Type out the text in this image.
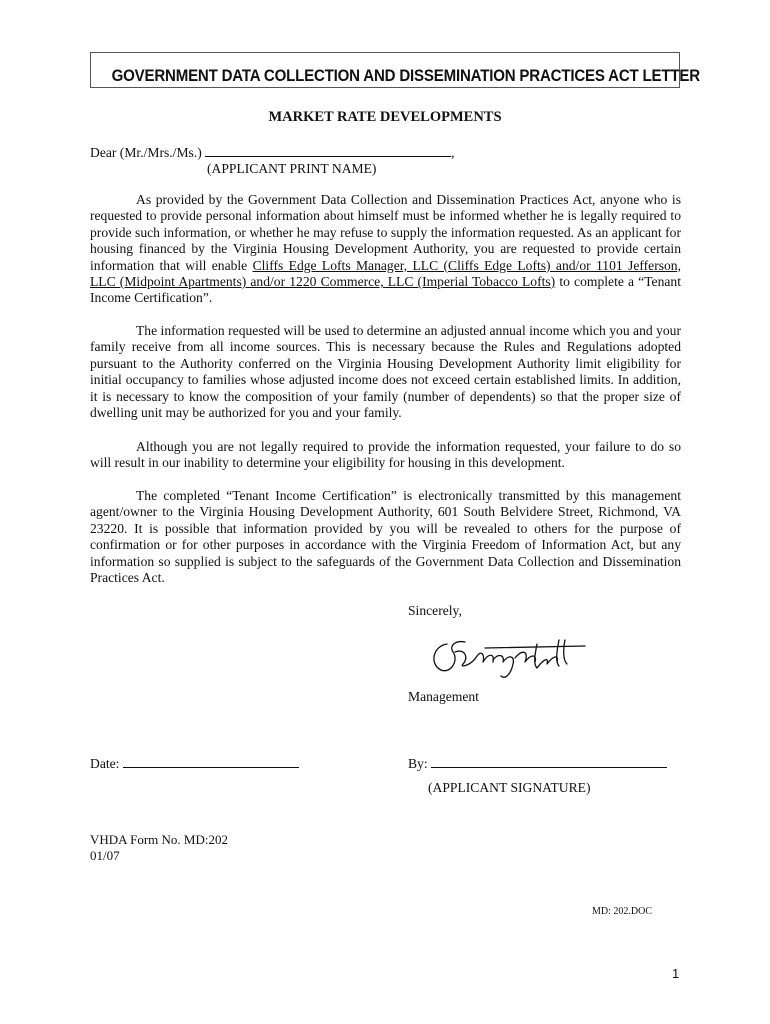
GOVERNMENT DATA COLLECTION AND DISSEMINATION PRACTICES ACT LETTER
MARKET RATE DEVELOPMENTS
Dear (Mr./Mrs./Ms.)	,
(APPLICANT PRINT NAME)
As provided by the Government Data Collection and Dissemination Practices Act, anyone who is requested to provide personal information about himself must be informed whether he is legally required to provide such information, or whether he may refuse to supply the information requested. As an applicant for housing financed by the Virginia Housing Development Authority, you are requested to provide certain information that will enable Cliffs Edge Lofts Manager, LLC (Cliffs Edge Lofts) and/or 1101 Jefferson, LLC (Midpoint Apartments) and/or 1220 Commerce, LLC (Imperial Tobacco Lofts) to complete a “Tenant Income Certification”.
The information requested will be used to determine an adjusted annual income which you and your family receive from all income sources. This is necessary because the Rules and Regulations adopted pursuant to the Authority conferred on the Virginia Housing Development Authority limit eligibility for initial occupancy to families whose adjusted income does not exceed certain established limits. In addition, it is necessary to know the composition of your family (number of dependents) so that the proper size of dwelling unit may be authorized for you and your family.
Although you are not legally required to provide the information requested, your failure to do so will result in our inability to determine your eligibility for housing in this development.
The completed “Tenant Income Certification” is electronically transmitted by this management agent/owner to the Virginia Housing Development Authority, 601 South Belvidere Street, Richmond, VA 23220. It is possible that information provided by you will be revealed to others for the purpose of confirmation or for other purposes in accordance with the Virginia Freedom of Information Act, but any information so supplied is subject to the safeguards of the Government Data Collection and Dissemination Practices Act.
Sincerely,
Management
Date:	By:
(APPLICANT SIGNATURE)
VHDA Form No. MD:202
01/07
MD: 202.DOC
1
